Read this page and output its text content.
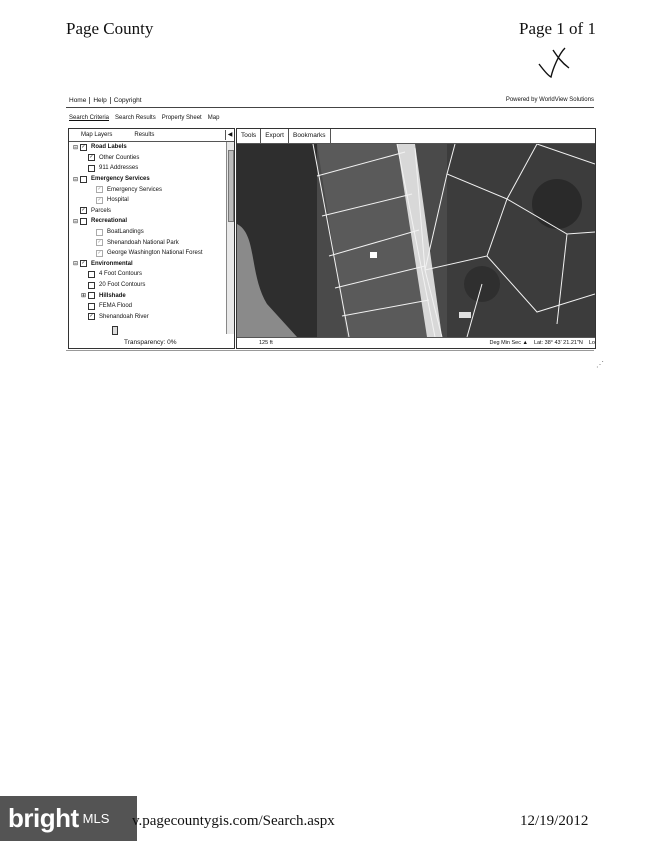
Page County	Page 1 of 1
Home	Help	Copyright	Powered by WorldView Solutions
Search Criteria Search Results Property Sheet Map
Map Layers	Results	◀
⊟ ✓ Road Labels
✓ Other Counties
911 Addresses
⊟	Emergency Services
✓ Emergency Services
✓ Hospital
✓ Parcels
⊟	Recreational
BoatLandings
✓ Shenandoah National Park
✓ George Washington National Forest
⊟ ✓ Environmental
4 Foot Contours
20 Foot Contours
⊞	Hillshade
FEMA Flood
✓ Shenandoah River
Transparency: 0%
Tools	Export	Bookmarks
125 ft	Deg Min Sec ▲ Lat: 38° 43' 21.21"N Lo
⋰
bright MLS v.pagecountygis.com/Search.aspx	12/19/2012
